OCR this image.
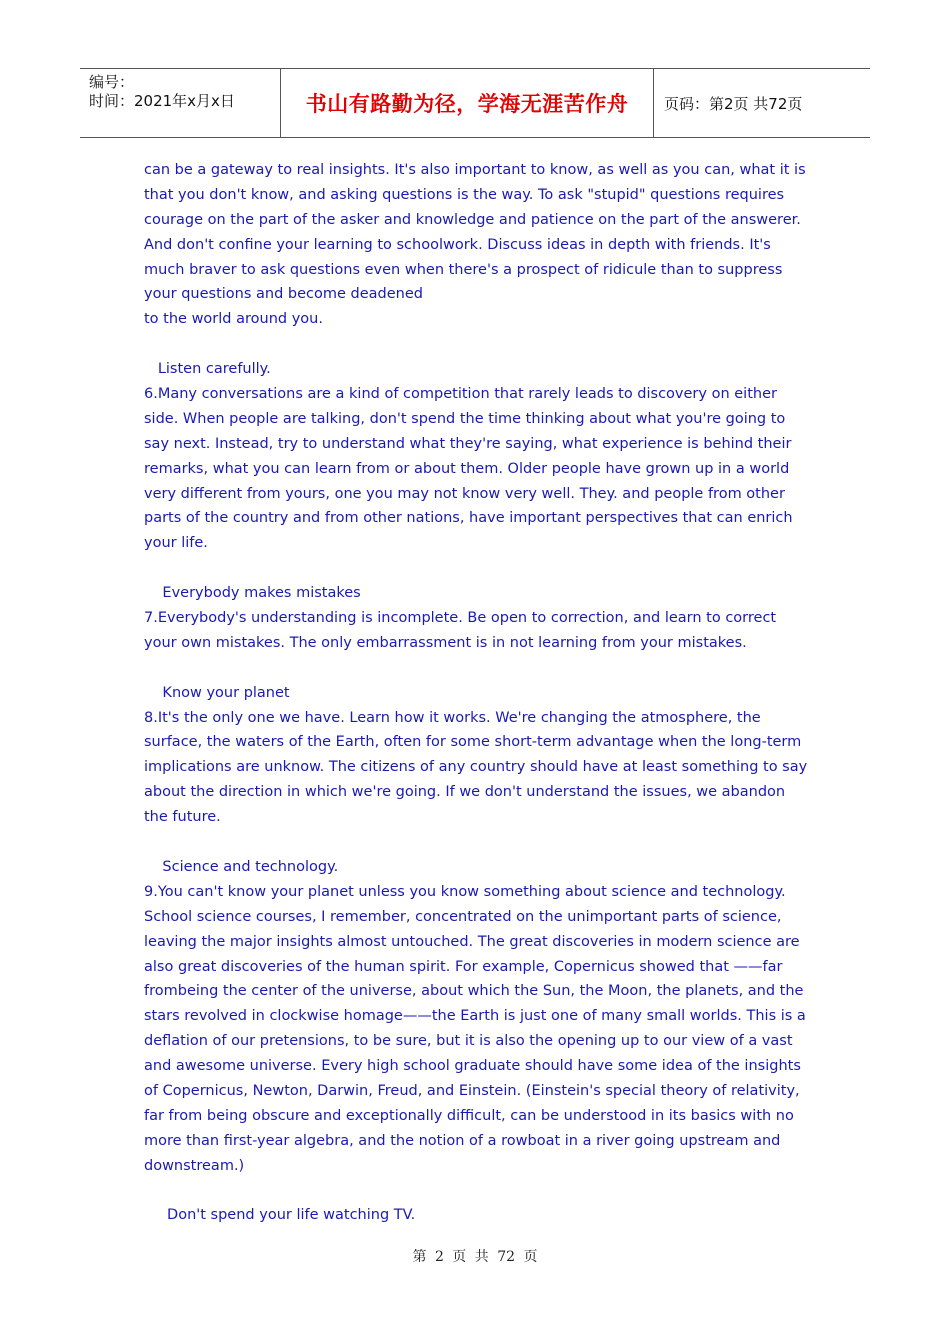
编号：
时间：2021年x月x日	书山有路勤为径，学海无涯苦作舟 页码：第2页 共72页
can be a gateway to real insights. It's also important to know, as well as you can, what it is
that you don't know, and asking questions is the way. To ask "stupid" questions requires
courage on the part of the asker and knowledge and patience on the part of the answerer.
And don't confine your learning to schoolwork. Discuss ideas in depth with friends. It's
much braver to ask questions even when there's a prospect of ridicule than to suppress
your questions and become deadened
to the world around you.
Listen carefully.
6.Many conversations are a kind of competition that rarely leads to discovery on either
side. When people are talking, don't spend the time thinking about what you're going to
say next. Instead, try to understand what they're saying, what experience is behind their
remarks, what you can learn from or about them. Older people have grown up in a world
very different from yours, one you may not know very well. They. and people from other
parts of the country and from other nations, have important perspectives that can enrich
your life.
Everybody makes mistakes
7.Everybody's understanding is incomplete. Be open to correction, and learn to correct
your own mistakes. The only embarrassment is in not learning from your mistakes.
Know your planet
8.It's the only one we have. Learn how it works. We're changing the atmosphere, the
surface, the waters of the Earth, often for some short-term advantage when the long-term
implications are unknow. The citizens of any country should have at least something to say
about the direction in which we're going. If we don't understand the issues, we abandon
the future.
Science and technology.
9.You can't know your planet unless you know something about science and technology.
School science courses, I remember, concentrated on the unimportant parts of science,
leaving the major insights almost untouched. The great discoveries in modern science are
also great discoveries of the human spirit. For example, Copernicus showed that ——far
frombeing the center of the universe, about which the Sun, the Moon, the planets, and the
stars revolved in clockwise homage——the Earth is just one of many small worlds. This is a
deflation of our pretensions, to be sure, but it is also the opening up to our view of a vast
and awesome universe. Every high school graduate should have some idea of the insights
of Copernicus, Newton, Darwin, Freud, and Einstein. (Einstein's special theory of relativity,
far from being obscure and exceptionally difficult, can be understood in its basics with no
more than first-year algebra, and the notion of a rowboat in a river going upstream and
downstream.)
Don't spend your life watching TV.
第 2 页 共 72 页
